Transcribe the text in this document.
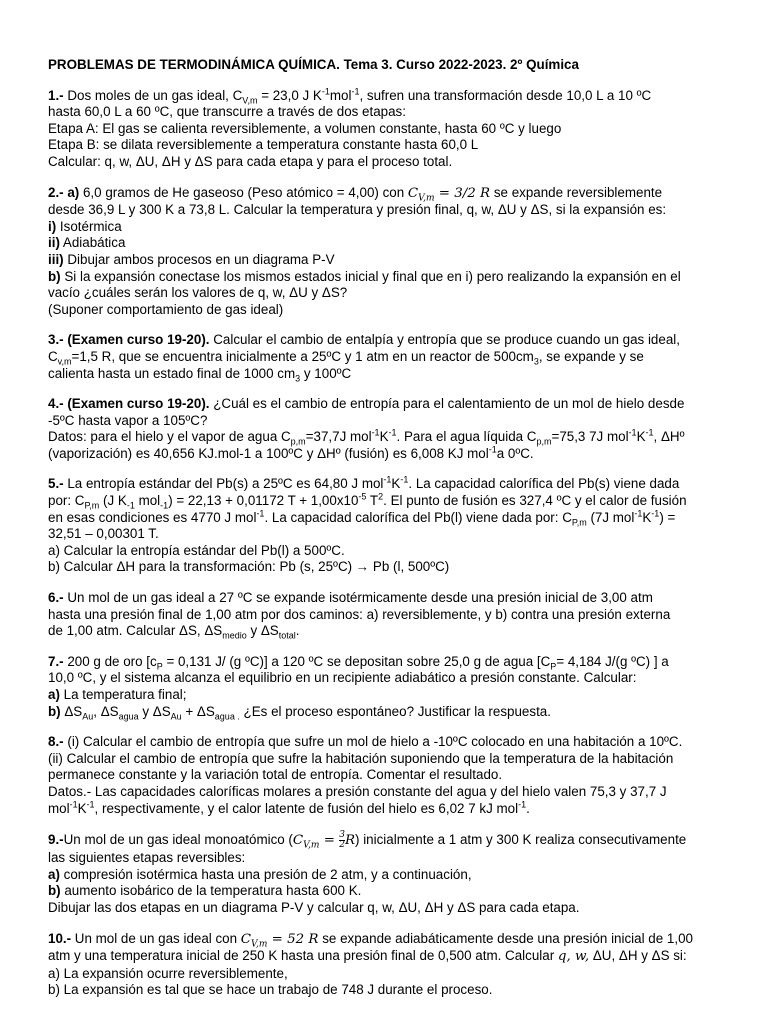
PROBLEMAS DE TERMODINÁMICA QUÍMICA. Tema 3. Curso 2022-2023. 2º Química

1.- Dos moles de un gas ideal, $C_{V,m} = 23,0$ J $K^{-1}mol^{-1}$, sufren una transformación desde 10,0 L a 10 ºC

hasta 60,0 L a 60 ºC, que transcurre a través de dos etapas:

Etapa A: El gas se calienta reversiblemente, a volumen constante, hasta 60 ºC y luego

Etapa B: se dilata reversiblemente a temperatura constante hasta 60,0 L

Calcular: q, w, ΔU, ΔH y ΔS para cada etapa y para el proceso total.

2.- a) 6,0 gramos de He gaseoso (Peso atómico = 4,00) con $C_{V,m} = 3/2$ R se expande reversiblemente

desde 36,9 L y 300 K a 73,8 L. Calcular la temperatura y presión final, q, w, ΔU y ΔS, si la expansión es:

i) Isotérmica

ii) Adiabática

iii) Dibujar ambos procesos en un diagrama P-V

b) Si la expansión conectase los mismos estados inicial y final que en i) pero realizando la expansión en el

vacío ¿cuáles serán los valores de q, w, ΔU y ΔS?

(Suponer comportamiento de gas ideal)

3.- (Examen curso 19-20). Calcular el cambio de entalpía y entropía que se produce cuando un gas ideal,

$C_{v,m}=1,5$ R, que se encuentra inicialmente a 25ºC y 1 atm en un reactor de $500cm_3$, se expande y se

calienta hasta un estado final de 1000 $cm_3$ y 100ºC

4.- (Examen curso 19-20). ¿Cuál es el cambio de entropía para el calentamiento de un mol de hielo desde

-5ºC hasta vapor a 105ºC?

Datos: para el hielo y el vapor de agua $C_{p,m}=37,7J$ $mol^{-1}K^{-1}$. Para el agua líquida $C_{p,m}=75,3$ 7J $mol^{-1}K^{-1}$, ΔHº

(vaporización) es 40,656 KJ.mol-1 a 100ºC y ΔHº (fusión) es 6,008 KJ mol$^{-1}$a 0ºC.

5.- La entropía estándar del Pb(s) a 25ºC es 64,80 J $mol^{-1}K^{-1}$. La capacidad calorífica del Pb(s) viene dada

por: $C_{P,m}$ (J $K_{-1}$ mol$_{-1}$) = 22,13 + 0,01172 $T + 1,00x10^{-5}$ $T^2$. El punto de fusión es 327,4 ºC y el calor de fusión

en esas condiciones es 4770 J mol$^{-1}$. La capacidad calorífica del Pb(l) viene dada por: $C_{P,m}$ (7J $mol^{-1}K^{-1}$) =

32,51 – 0,00301 T.

a) Calcular la entropía estándar del Pb(l) a 500ºC.

b) Calcular ΔH para la transformación: Pb (s, 25ºC) → Pb (l, 500ºC)

6.- Un mol de un gas ideal a 27 ºC se expande isotérmicamente desde una presión inicial de 3,00 atm

hasta una presión final de 1,00 atm por dos caminos: a) reversiblemente, y b) contra una presión externa

de 1,00 atm. Calcular ΔS, $\Delta S_{medio}$ y $\Delta S_{total}$.

7.- 200 g de oro [$c_P = 0,131$ J/ (g ºC)] a 120 ºC se depositan sobre 25,0 g de agua [$C_P= 4,184$ J/(g ºC) ] a

10,0 ºC, y el sistema alcanza el equilibrio en un recipiente adiabático a presión constante. Calcular:

a) La temperatura final;

b) $\Delta S_{Au}$, $\Delta S_{agua}$ y $\Delta S_{Au} + \Delta S_{agua .}$ ¿Es el proceso espontáneo? Justificar la respuesta.

8.- (i) Calcular el cambio de entropía que sufre un mol de hielo a -10ºC colocado en una habitación a 10ºC.

(ii) Calcular el cambio de entropía que sufre la habitación suponiendo que la temperatura de la habitación

permanece constante y la variación total de entropía. Comentar el resultado.

Datos.- Las capacidades caloríficas molares a presión constante del agua y del hielo valen 75,3 y 37,7 J

$mol^{-1}K^{-1}$, respectivamente, y el calor latente de fusión del hielo es 6,02 7 kJ mol$^{-1}$.

9.-Un mol de un gas ideal monoatómico $(C_{V,m} = \frac{3}{2} R)$ inicialmente a 1 atm y 300 K realiza consecutivamente

las siguientes etapas reversibles:

a) compresión isotérmica hasta una presión de 2 atm, y a continuación,

b) aumento isobárico de la temperatura hasta 600 K.

Dibujar las dos etapas en un diagrama P-V y calcular q, w, ΔU, ΔH y ΔS para cada etapa.

10.- Un mol de un gas ideal con $C_{V,m} = 52$ R se expande adiabáticamente desde una presión inicial de 1,00

atm y una temperatura inicial de 250 K hasta una presión final de 0,500 atm. Calcular q, w, ΔU, ΔH y ΔS si:

a) La expansión ocurre reversiblemente,

b) La expansión es tal que se hace un trabajo de 748 J durante el proceso.
